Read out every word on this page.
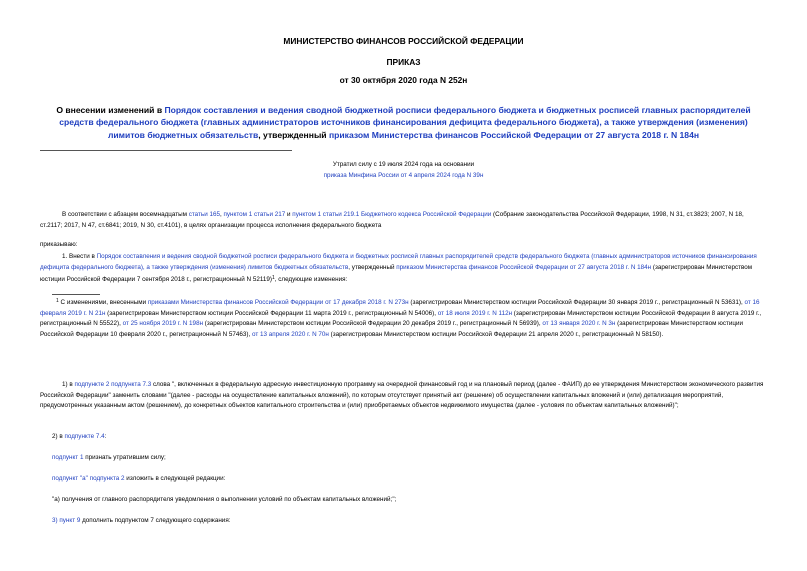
МИНИСТЕРСТВО ФИНАНСОВ РОССИЙСКОЙ ФЕДЕРАЦИИ
ПРИКАЗ
от 30 октября 2020 года N 252н
О внесении изменений в Порядок составления и ведения сводной бюджетной росписи федерального бюджета и бюджетных росписей главных распорядителей средств федерального бюджета (главных администраторов источников финансирования дефицита федерального бюджета), а также утверждения (изменения) лимитов бюджетных обязательств, утвержденный приказом Министерства финансов Российской Федерации от 27 августа 2018 г. N 184н
Утратил силу с 19 июля 2024 года на основании
приказа Минфина России от 4 апреля 2024 года N 39н
В соответствии с абзацем восемнадцатым статьи 165, пунктом 1 статьи 217 и пунктом 1 статьи 219.1 Бюджетного кодекса Российской Федерации (Собрание законодательства Российской Федерации, 1998, N 31, ст.3823; 2007, N 18, ст.2117; 2017, N 47, ст.6841; 2019, N 30, ст.4101), в целях организации процесса исполнения федерального бюджета
приказываю:
1. Внести в Порядок составления и ведения сводной бюджетной росписи федерального бюджета и бюджетных росписей главных распорядителей средств федерального бюджета (главных администраторов источников финансирования дефицита федерального бюджета), а также утверждения (изменения) лимитов бюджетных обязательств, утвержденный приказом Министерства финансов Российской Федерации от 27 августа 2018 г. N 184н (зарегистрирован Министерством юстиции Российской Федерации 7 сентября 2018 г., регистрационный N 52119)$^1$, следующие изменения:
$^1$ С изменениями, внесенными приказами Министерства финансов Российской Федерации от 17 декабря 2018 г. N 273н (зарегистрирован Министерством юстиции Российской Федерации 30 января 2019 г., регистрационный N 53631), от 16 февраля 2019 г. N 21н (зарегистрирован Министерством юстиции Российской Федерации 11 марта 2019 г., регистрационный N 54006), от 18 июля 2019 г. N 112н (зарегистрирован Министерством юстиции Российской Федерации 8 августа 2019 г., регистрационный N 55522), от 25 ноября 2019 г. N 198н (зарегистрирован Министерством юстиции Российской Федерации 20 декабря 2019 г., регистрационный N 56939), от 13 января 2020 г. N 3н (зарегистрирован Министерством юстиции Российской Федерации 10 февраля 2020 г., регистрационный N 57463), от 13 апреля 2020 г. N 70н (зарегистрирован Министерством юстиции Российской Федерации 21 апреля 2020 г., регистрационный N 58150).
1) в подпункте 2 подпункта 7.3 слова ", включенных в федеральную адресную инвестиционную программу на очередной финансовый год и на плановый период (далее - ФАИП) до ее утверждения Министерством экономического развития Российской Федерации" заменить словами "(далее - расходы на осуществление капитальных вложений), по которым отсутствует принятый акт (решение) об осуществлении капитальных вложений и (или) детализация мероприятий, предусмотренных указанным актом (решением), до конкретных объектов капитального строительства и (или) приобретаемых объектов недвижимого имущества (далее - условия по объектам капитальных вложений)";
2) в подпункте 7.4:
подпункт 1 признать утратившим силу;
подпункт "а" подпункта 2 изложить в следующей редакции:
"а) получения от главного распорядителя уведомления о выполнении условий по объектам капитальных вложений;";
3) пункт 9 дополнить подпунктом 7 следующего содержания:
